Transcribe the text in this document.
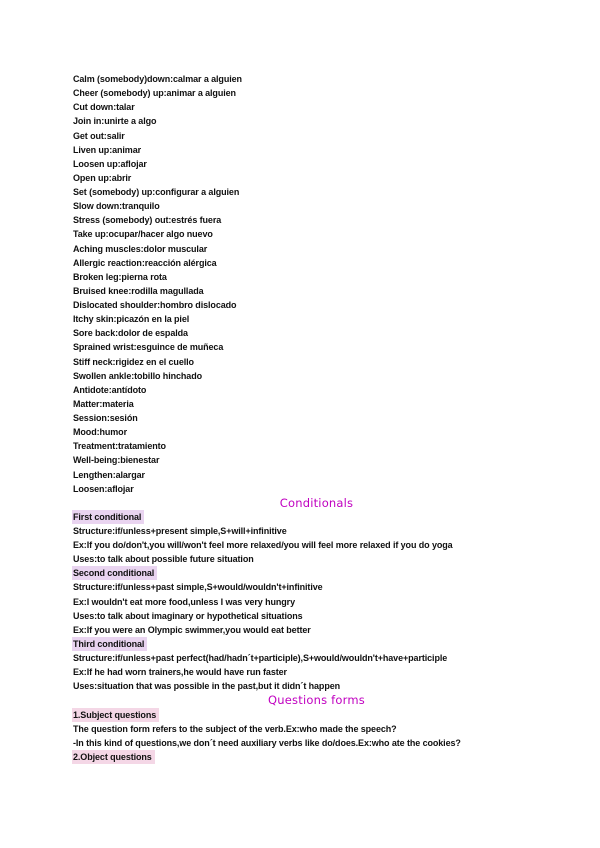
Calm (somebody)down:calmar a alguien
Cheer (somebody) up:animar a alguien
Cut down:talar
Join in:unirte a algo
Get out:salir
Liven up:animar
Loosen up:aflojar
Open up:abrir
Set (somebody) up:configurar a alguien
Slow down:tranquilo
Stress (somebody) out:estrés fuera
Take up:ocupar/hacer algo nuevo
Aching muscles:dolor muscular
Allergic reaction:reacción alérgica
Broken leg:pierna rota
Bruised knee:rodilla magullada
Dislocated shoulder:hombro dislocado
Itchy skin:picazón en la piel
Sore back:dolor de espalda
Sprained wrist:esguince de muñeca
Stiff neck:rigidez en el cuello
Swollen ankle:tobillo hinchado
Antidote:antídoto
Matter:materia
Session:sesión
Mood:humor
Treatment:tratamiento
Well-being:bienestar
Lengthen:alargar
Loosen:aflojar
Conditionals
First conditional
Structure:if/unless+present simple,S+will+infinitive
Ex:If you do/don't,you will/won't feel more relaxed/you will feel more relaxed if you do yoga
Uses:to talk about possible future situation
Second conditional
Structure:if/unless+past simple,S+would/wouldn't+infinitive
Ex:I wouldn't eat more food,unless I was very hungry
Uses:to talk about imaginary or hypothetical situations
Ex:If you were an Olympic swimmer,you would eat better
Third conditional
Structure:if/unless+past perfect(had/hadn´t+participle),S+would/wouldn't+have+participle
Ex:If he had worn trainers,he would have run faster
Uses:situation that was possible in the past,but it didn´t happen
Questions forms
1.Subject questions
The question form refers to the subject of the verb.Ex:who made the speech?
-In this kind of questions,we don´t need auxiliary verbs like do/does.Ex:who ate the cookies?
2.Object questions
